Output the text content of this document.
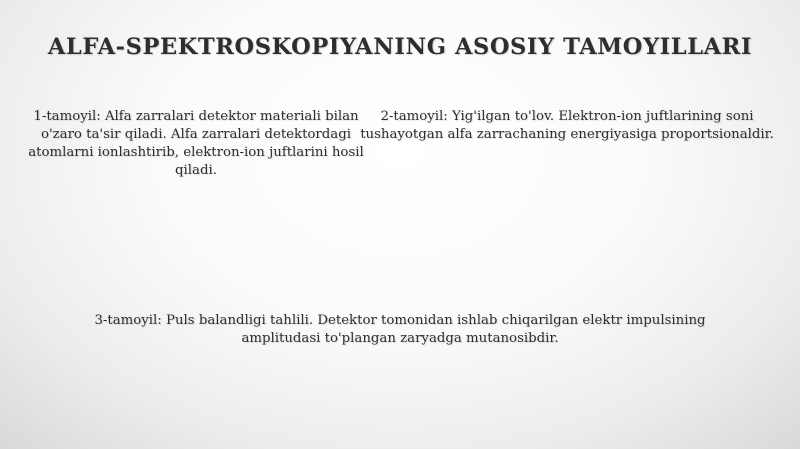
ALFA-SPEKTROSKOPIYANING ASOSIY TAMOYILLARI
1-tamoyil: Alfa zarralari detektor materiali bilan o'zaro ta'sir qiladi. Alfa zarralari detektordagi atomlarni ionlashtirib, elektron-ion juftlarini hosil qiladi.
2-tamoyil: Yig'ilgan to'lov. Elektron-ion juftlarining soni tushayotgan alfa zarrachaning energiyasiga proportsionaldir.
3-tamoyil: Puls balandligi tahlili. Detektor tomonidan ishlab chiqarilgan elektr impulsining amplitudasi to'plangan zaryadga mutanosibdir.
